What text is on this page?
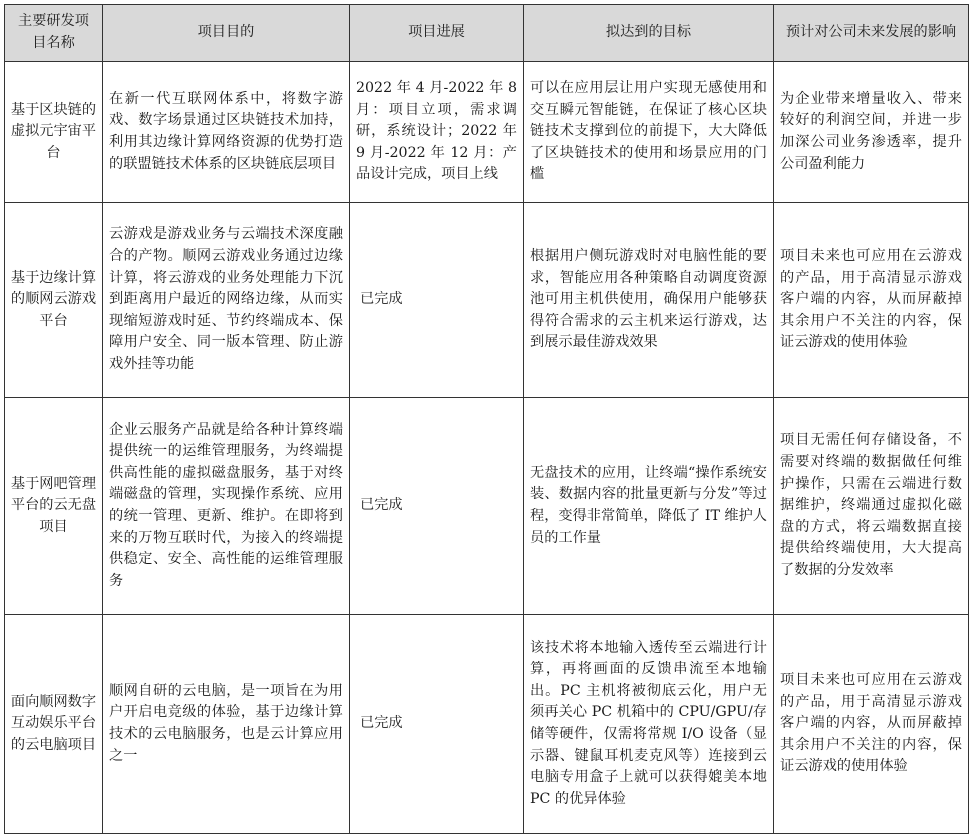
主要研发项目名称	项目目的	项目进展	拟达到的目标	预计对公司未来发展的影响
基于区块链的虚拟元宇宙平台	在新一代互联网体系中，将数字游戏、数字场景通过区块链技术加持，利用其边缘计算网络资源的优势打造的联盟链技术体系的区块链底层项目	2022 年 4 月-2022 年 8 月：项目立项，需求调研，系统设计；2022 年 9 月-2022 年 12 月：产品设计完成，项目上线	可以在应用层让用户实现无感使用和交互瞬元智能链，在保证了核心区块链技术支撑到位的前提下，大大降低了区块链技术的使用和场景应用的门槛	为企业带来增量收入、带来较好的利润空间，并进一步加深公司业务渗透率，提升公司盈利能力
基于边缘计算的顺网云游戏平台	云游戏是游戏业务与云端技术深度融合的产物。顺网云游戏业务通过边缘计算，将云游戏的业务处理能力下沉到距离用户最近的网络边缘，从而实现缩短游戏时延、节约终端成本、保障用户安全、同一版本管理、防止游戏外挂等功能	已完成	根据用户侧玩游戏时对电脑性能的要求，智能应用各种策略自动调度资源池可用主机供使用，确保用户能够获得符合需求的云主机来运行游戏，达到展示最佳游戏效果	项目未来也可应用在云游戏的产品，用于高清显示游戏客户端的内容，从而屏蔽掉其余用户不关注的内容，保证云游戏的使用体验
基于网吧管理平台的云无盘项目	企业云服务产品就是给各种计算终端提供统一的运维管理服务，为终端提供高性能的虚拟磁盘服务，基于对终端磁盘的管理，实现操作系统、应用的统一管理、更新、维护。在即将到来的万物互联时代，为接入的终端提供稳定、安全、高性能的运维管理服务	已完成	无盘技术的应用，让终端“操作系统安装、数据内容的批量更新与分发”等过程，变得非常简单，降低了 IT 维护人员的工作量	项目无需任何存储设备，不需要对终端的数据做任何维护操作，只需在云端进行数据维护，终端通过虚拟化磁盘的方式，将云端数据直接提供给终端使用，大大提高了数据的分发效率
面向顺网数字互动娱乐平台的云电脑项目	顺网自研的云电脑，是一项旨在为用户开启电竞级的体验，基于边缘计算技术的云电脑服务，也是云计算应用之一	已完成	该技术将本地输入透传至云端进行计算，再将画面的反馈串流至本地输出。PC 主机将被彻底云化，用户无须再关心 PC 机箱中的 CPU/GPU/存储等硬件，仅需将常规 I/O 设备（显示器、键鼠耳机麦克风等）连接到云电脑专用盒子上就可以获得媲美本地 PC 的优异体验	项目未来也可应用在云游戏的产品，用于高清显示游戏客户端的内容，从而屏蔽掉其余用户不关注的内容，保证云游戏的使用体验
